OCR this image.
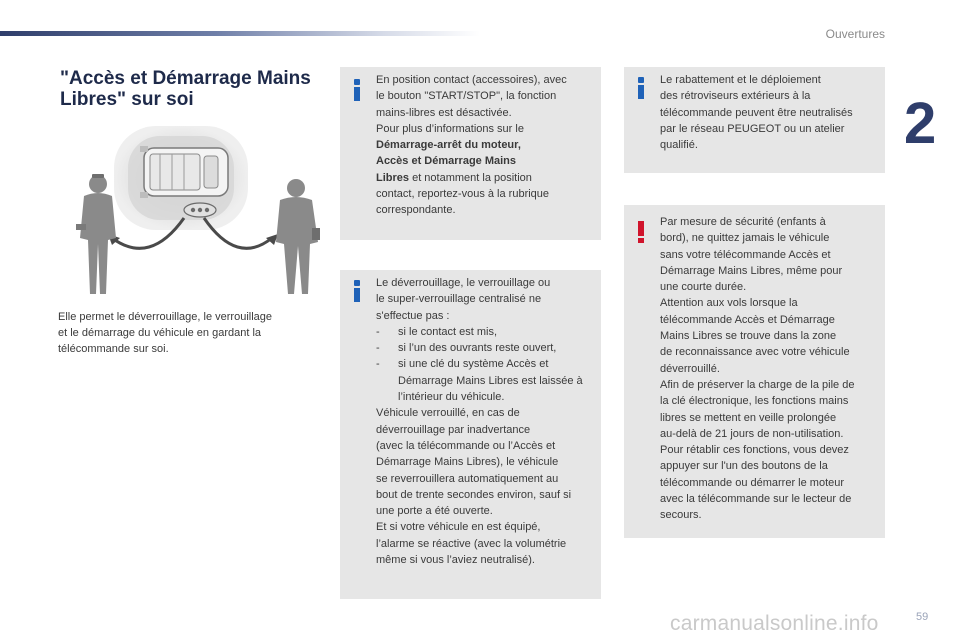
Ouvertures
2
"Accès et Démarrage Mains
Libres" sur soi

Elle permet le déverrouillage, le verrouillage
et le démarrage du véhicule en gardant la
télécommande sur soi.

En position contact (accessoires), avec
le bouton "START/STOP", la fonction
mains-libres est désactivée.
Pour plus d’informations sur le
Démarrage-arrêt du moteur,
Accès et Démarrage Mains
Libres et notamment la position
contact, reportez-vous à la rubrique
correspondante.
Le déverrouillage, le verrouillage ou
le super-verrouillage centralisé ne
s'effectue pas :
- si le contact est mis,
- si l’un des ouvrants reste ouvert,
- si une clé du système Accès et Démarrage Mains Libres est laissée à l’intérieur du véhicule.
Véhicule verrouillé, en cas de
déverrouillage par inadvertance
(avec la télécommande ou l’Accès et
Démarrage Mains Libres), le véhicule
se reverrouillera automatiquement au
bout de trente secondes environ, sauf si
une porte a été ouverte.
Et si votre véhicule en est équipé,
l’alarme se réactive (avec la volumétrie
même si vous l’aviez neutralisé).
Le rabattement et le déploiement
des rétroviseurs extérieurs à la
télécommande peuvent être neutralisés
par le réseau PEUGEOT ou un atelier
qualifié.
Par mesure de sécurité (enfants à
bord), ne quittez jamais le véhicule
sans votre télécommande Accès et
Démarrage Mains Libres, même pour
une courte durée.
Attention aux vols lorsque la
télécommande Accès et Démarrage
Mains Libres se trouve dans la zone
de reconnaissance avec votre véhicule
déverrouillé.
Afin de préserver la charge de la pile de
la clé électronique, les fonctions mains
libres se mettent en veille prolongée
au-delà de 21 jours de non-utilisation.
Pour rétablir ces fonctions, vous devez
appuyer sur l'un des boutons de la
télécommande ou démarrer le moteur
avec la télécommande sur le lecteur de
secours.
carmanualsonline.info	59
